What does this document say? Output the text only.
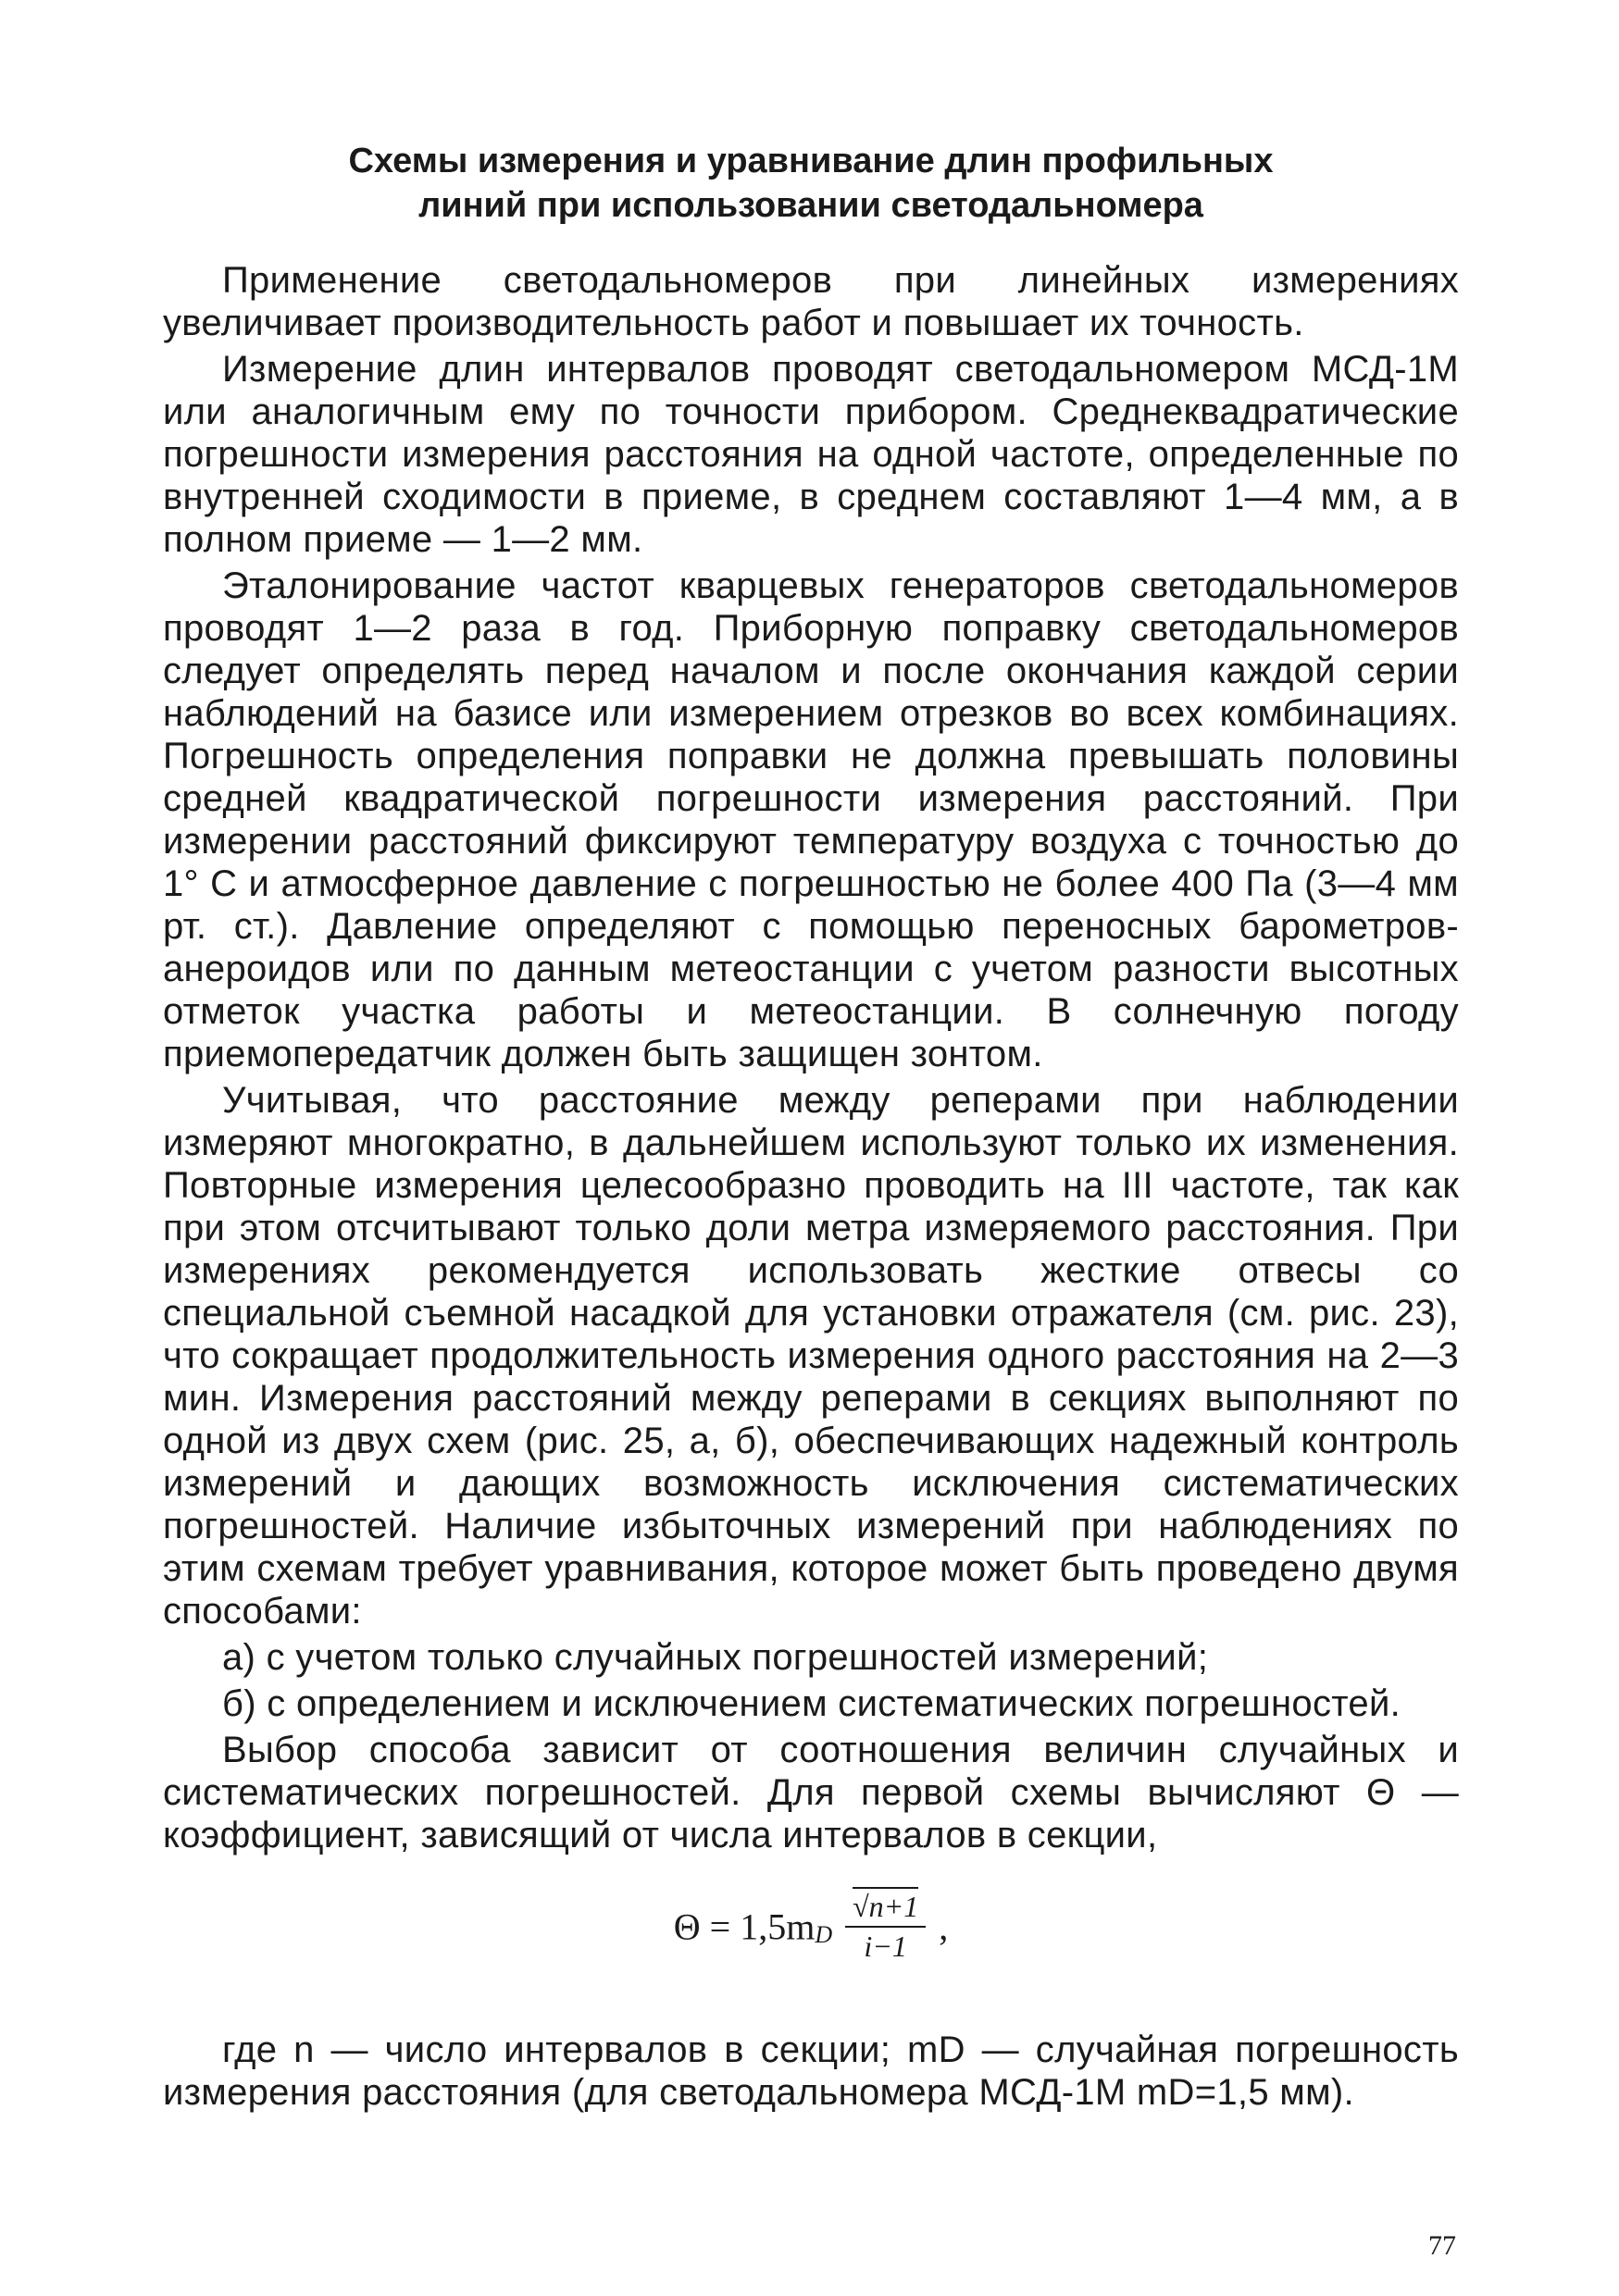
Схемы измерения и уравнивание длин профильных
линий при использовании светодальномера

Применение светодальномеров при линейных измерениях увеличивает производительность работ и повышает их точность.

Измерение длин интервалов проводят светодальномером МСД-1М или аналогичным ему по точности прибором. Среднеквадратические погрешности измерения расстояния на одной частоте, определенные по внутренней сходимости в приеме, в среднем составляют 1—4 мм, а в полном приеме — 1—2 мм.

Эталонирование частот кварцевых генераторов светодальномеров проводят 1—2 раза в год. Приборную поправку светодальномеров следует определять перед началом и после окончания каждой серии наблюдений на базисе или измерением отрезков во всех комбинациях. Погрешность определения поправки не должна превышать половины средней квадратической погрешности измерения расстояний. При измерении расстояний фиксируют температуру воздуха с точностью до 1° С и атмосферное давление с погрешностью не более 400 Па (3—4 мм рт. ст.). Давление определяют с помощью переносных барометров-анероидов или по данным метеостанции с учетом разности высотных отметок участка работы и метеостанции. В солнечную погоду приемопередатчик должен быть защищен зонтом.

Учитывая, что расстояние между реперами при наблюдении измеряют многократно, в дальнейшем используют только их изменения. Повторные измерения целесообразно проводить на III частоте, так как при этом отсчитывают только доли метра измеряемого расстояния. При измерениях рекомендуется использовать жесткие отвесы со специальной съемной насадкой для установки отражателя (см. рис. 23), что сокращает продолжительность измерения одного расстояния на 2—3 мин. Измерения расстояний между реперами в секциях выполняют по одной из двух схем (рис. 25, а, б), обеспечивающих надежный контроль измерений и дающих возможность исключения систематических погрешностей. Наличие избыточных измерений при наблюдениях по этим схемам требует уравнивания, которое может быть проведено двумя способами:

а) с учетом только случайных погрешностей измерений;

б) с определением и исключением систематических погрешностей.

Выбор способа зависит от соотношения величин случайных и систематических погрешностей. Для первой схемы вычисляют Θ — коэффициент, зависящий от числа интервалов в секции,

$\Theta = 1,5m_D \frac{√n+1}{i-1}$ ,

где n — число интервалов в секции; mD — случайная погрешность измерения расстояния (для светодальномера МСД-1М mD=1,5 мм).

77
